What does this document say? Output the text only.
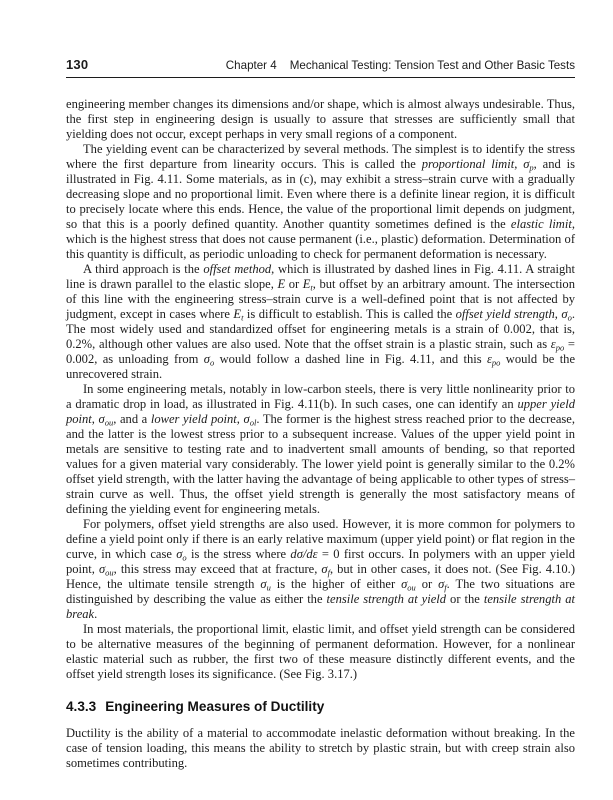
130	Chapter 4 Mechanical Testing: Tension Test and Other Basic Tests

engineering member changes its dimensions and/or shape, which is almost always undesirable. Thus, the first step in engineering design is usually to assure that stresses are sufficiently small that yielding does not occur, except perhaps in very small regions of a component.

The yielding event can be characterized by several methods. The simplest is to identify the stress where the first departure from linearity occurs. This is called the proportional limit, $\sigma_p$, and is illustrated in Fig. 4.11. Some materials, as in (c), may exhibit a stress–strain curve with a gradually decreasing slope and no proportional limit. Even where there is a definite linear region, it is difficult to precisely locate where this ends. Hence, the value of the proportional limit depends on judgment, so that this is a poorly defined quantity. Another quantity sometimes defined is the elastic limit, which is the highest stress that does not cause permanent (i.e., plastic) deformation. Determination of this quantity is difficult, as periodic unloading to check for permanent deformation is necessary.

A third approach is the offset method, which is illustrated by dashed lines in Fig. 4.11. A straight line is drawn parallel to the elastic slope, E or $E_t$, but offset by an arbitrary amount. The intersection of this line with the engineering stress–strain curve is a well-defined point that is not affected by judgment, except in cases where $E_t$ is difficult to establish. This is called the offset yield strength, $\sigma_o$. The most widely used and standardized offset for engineering metals is a strain of 0.002, that is, 0.2%, although other values are also used. Note that the offset strain is a plastic strain, such as $\varepsilon_{po} = 0.002$, as unloading from $\sigma_o$ would follow a dashed line in Fig. 4.11, and this $\varepsilon_{po}$ would be the unrecovered strain.

In some engineering metals, notably in low-carbon steels, there is very little nonlinearity prior to a dramatic drop in load, as illustrated in Fig. 4.11(b). In such cases, one can identify an upper yield point, $\sigma_{ou}$, and a lower yield point, $\sigma_{ol}$. The former is the highest stress reached prior to the decrease, and the latter is the lowest stress prior to a subsequent increase. Values of the upper yield point in metals are sensitive to testing rate and to inadvertent small amounts of bending, so that reported values for a given material vary considerably. The lower yield point is generally similar to the 0.2% offset yield strength, with the latter having the advantage of being applicable to other types of stress–strain curve as well. Thus, the offset yield strength is generally the most satisfactory means of defining the yielding event for engineering metals.

For polymers, offset yield strengths are also used. However, it is more common for polymers to define a yield point only if there is an early relative maximum (upper yield point) or flat region in the curve, in which case $\sigma_o$ is the stress where dσ/dε = 0 first occurs. In polymers with an upper yield point, $\sigma_{ou}$, this stress may exceed that at fracture, $\sigma_f$, but in other cases, it does not. (See Fig. 4.10.) Hence, the ultimate tensile strength $\sigma_u$ is the higher of either $\sigma_{ou}$ or $\sigma_f$. The two situations are distinguished by describing the value as either the tensile strength at yield or the tensile strength at break.

In most materials, the proportional limit, elastic limit, and offset yield strength can be considered to be alternative measures of the beginning of permanent deformation. However, for a nonlinear elastic material such as rubber, the first two of these measure distinctly different events, and the offset yield strength loses its significance. (See Fig. 3.17.)

4.3.3 Engineering Measures of Ductility

Ductility is the ability of a material to accommodate inelastic deformation without breaking. In the case of tension loading, this means the ability to stretch by plastic strain, but with creep strain also sometimes contributing.
